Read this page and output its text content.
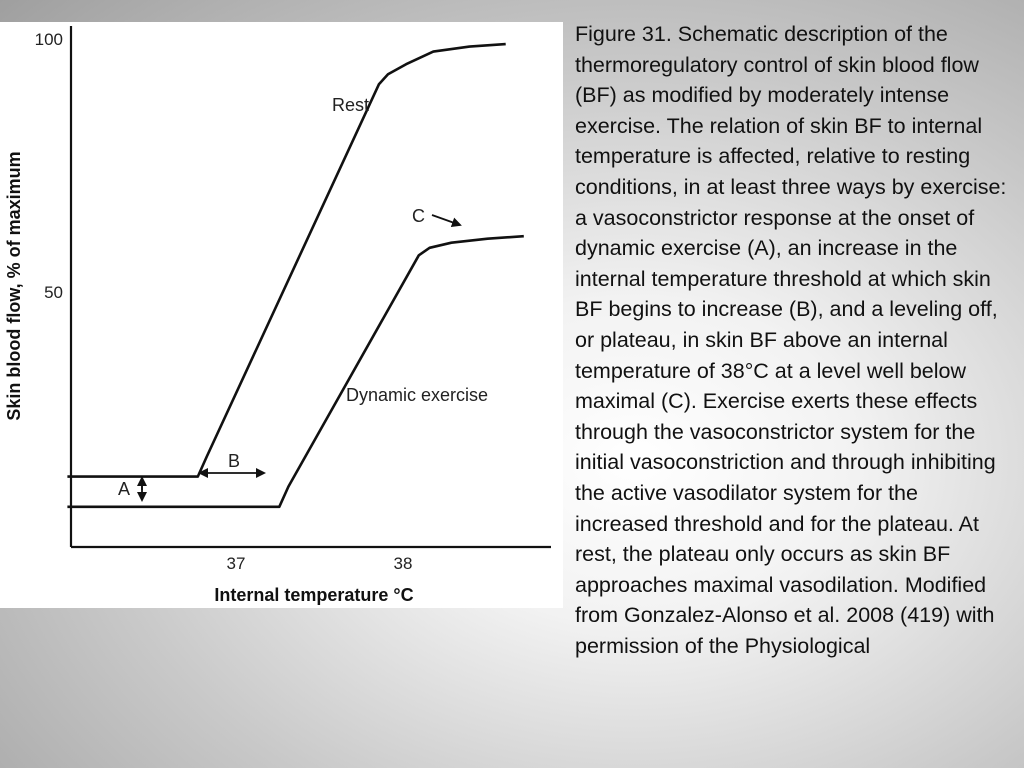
100
50
37	38
Internal temperature °C
Skin blood flow, % of maximum
Rest
Dynamic exercise
A
B
C

Figure 31. Schematic description of the thermoregulatory control of skin blood flow (BF) as modified by moderately intense exercise. The relation of skin BF to internal temperature is affected, relative to resting conditions, in at least three ways by exercise: a vasoconstrictor response at the onset of dynamic exercise (A), an increase in the internal temperature threshold at which skin BF begins to increase (B), and a leveling off, or plateau, in skin BF above an internal temperature of 38°C at a level well below maximal (C). Exercise exerts these effects through the vasoconstrictor system for the initial vasoconstriction and through inhibiting the active vasodilator system for the increased threshold and for the plateau. At rest, the plateau only occurs as skin BF approaches maximal vasodilation. Modified from Gonzalez-Alonso et al. 2008 (419) with permission of the Physiological
